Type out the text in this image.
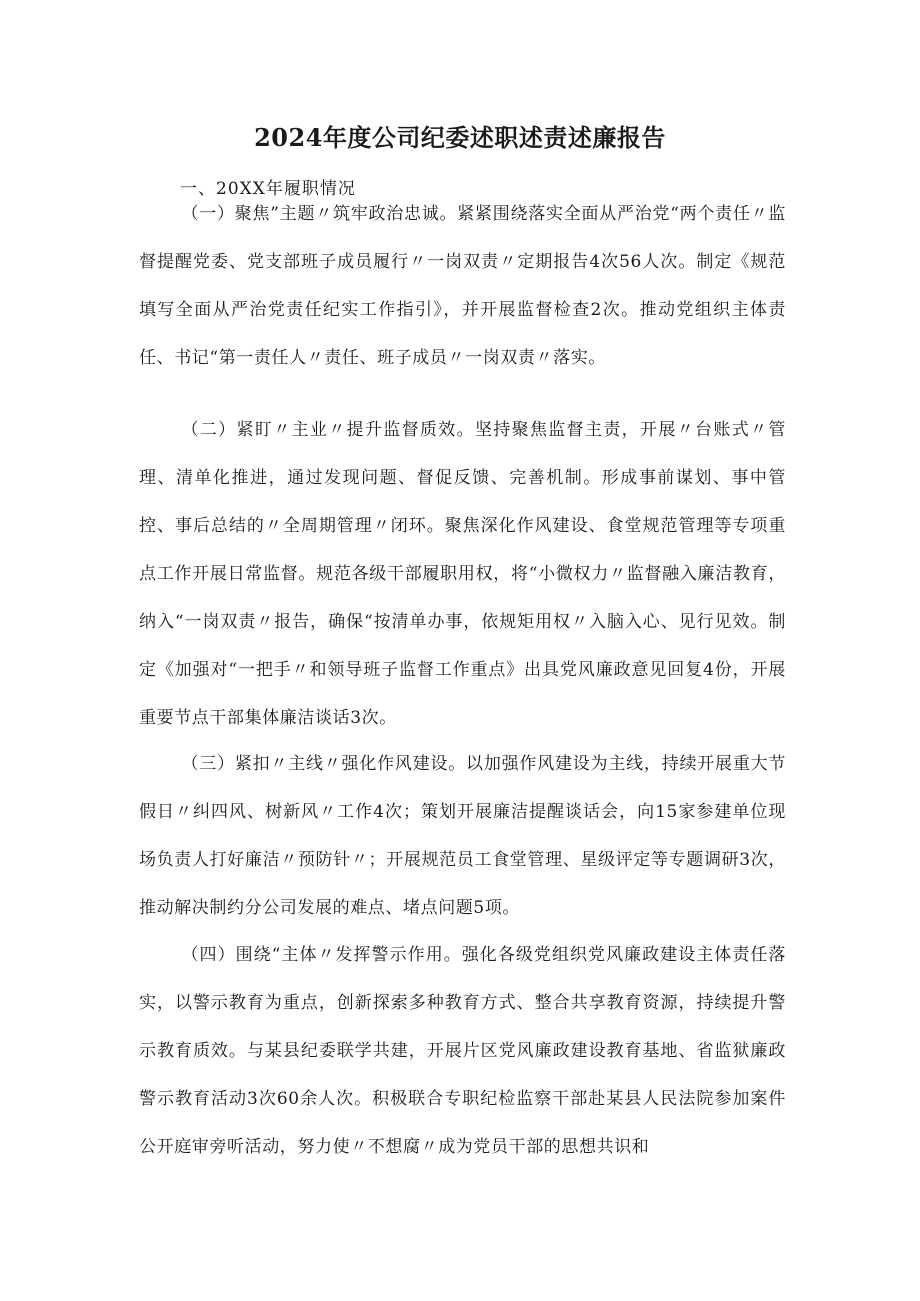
2024年度公司纪委述职述责述廉报告
一、20XX年履职情况

（一）聚焦”主题〃筑牢政治忠诚。紧紧围绕落实全面从严治党“两个责任〃监督提醒党委、党支部班子成员履行〃一岗双责〃定期报告4次56人次。制定《规范填写全面从严治党责任纪实工作指引》，并开展监督检查2次。推动党组织主体责任、书记“第一责任人〃责任、班子成员〃一岗双责〃落实。

（二）紧盯〃主业〃提升监督质效。坚持聚焦监督主责，开展〃台账式〃管理、清单化推进，通过发现问题、督促反馈、完善机制。形成事前谋划、事中管控、事后总结的〃全周期管理〃闭环。聚焦深化作风建设、食堂规范管理等专项重点工作开展日常监督。规范各级干部履职用权，将“小微权力〃监督融入廉洁教育，纳入“一岗双责〃报告，确保“按清单办事，依规矩用权〃入脑入心、见行见效。制定《加强对“一把手〃和领导班子监督工作重点》出具党风廉政意见回复4份，开展重要节点干部集体廉洁谈话3次。

（三）紧扣〃主线〃强化作风建设。以加强作风建设为主线，持续开展重大节假日〃纠四风、树新风〃工作4次；策划开展廉洁提醒谈话会，向15家参建单位现场负责人打好廉洁〃预防针〃；开展规范员工食堂管理、星级评定等专题调研3次，推动解决制约分公司发展的难点、堵点问题5项。

（四）围绕“主体〃发挥警示作用。强化各级党组织党风廉政建设主体责任落实，以警示教育为重点，创新探索多种教育方式、整合共享教育资源，持续提升警示教育质效。与某县纪委联学共建，开展片区党风廉政建设教育基地、省监狱廉政警示教育活动3次60余人次。积极联合专职纪检监察干部赴某县人民法院参加案件公开庭审旁听活动，努力使〃不想腐〃成为党员干部的思想共识和
